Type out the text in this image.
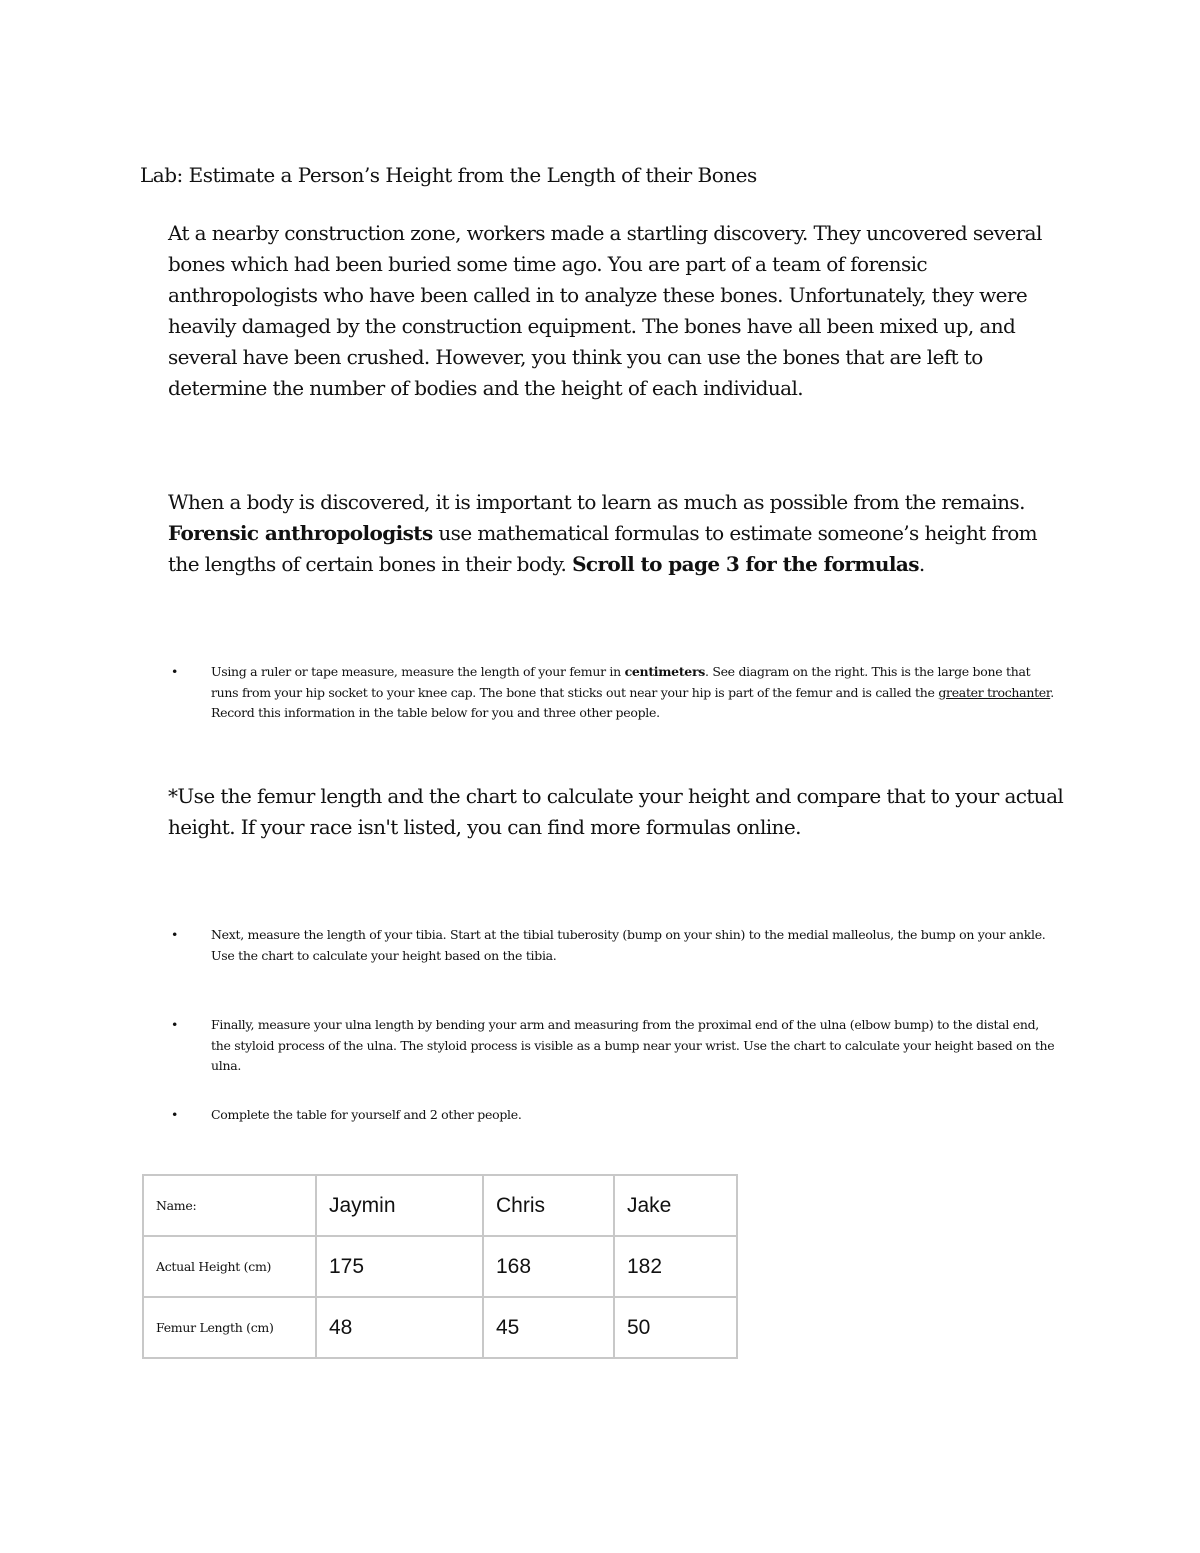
Lab: Estimate a Person’s Height from the Length of their Bones
At a nearby construction zone, workers made a startling discovery. They uncovered several bones which had been buried some time ago. You are part of a team of forensic anthropologists who have been called in to analyze these bones. Unfortunately, they were heavily damaged by the construction equipment. The bones have all been mixed up, and several have been crushed. However, you think you can use the bones that are left to determine the number of bodies and the height of each individual.
When a body is discovered, it is important to learn as much as possible from the remains. Forensic anthropologists use mathematical formulas to estimate someone’s height from the lengths of certain bones in their body. Scroll to page 3 for the formulas.
•	Using a ruler or tape measure, measure the length of your femur in centimeters. See diagram on the right. This is the large bone that runs from your hip socket to your knee cap. The bone that sticks out near your hip is part of the femur and is called the greater trochanter. Record this information in the table below for you and three other people.
*Use the femur length and the chart to calculate your height and compare that to your actual height. If your race isn't listed, you can find more formulas online.
•	Next, measure the length of your tibia. Start at the tibial tuberosity (bump on your shin) to the medial malleolus, the bump on your ankle. Use the chart to calculate your height based on the tibia.
•	Finally, measure your ulna length by bending your arm and measuring from the proximal end of the ulna (elbow bump) to the distal end, the styloid process of the ulna. The styloid process is visible as a bump near your wrist. Use the chart to calculate your height based on the ulna.
•	Complete the table for yourself and 2 other people.
Name:	Jaymin	Chris	Jake
Actual Height (cm)	175	168	182
Femur Length (cm)	48	45	50
